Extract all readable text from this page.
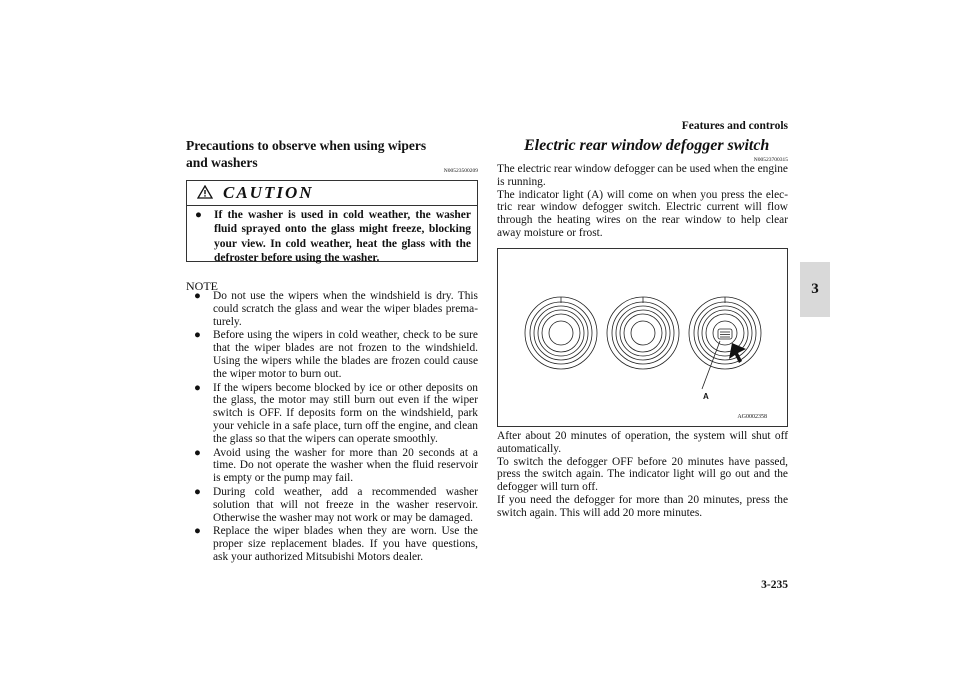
Features and controls
3
Precautions to observe when using wipers and washers
N00523500209
CAUTION
● If the washer is used in cold weather, the washer fluid sprayed onto the glass might freeze, blocking your view. In cold weather, heat the glass with the defroster before using the washer.
NOTE
● Do not use the wipers when the windshield is dry. This could scratch the glass and wear the wiper blades prema-turely.
● Before using the wipers in cold weather, check to be sure that the wiper blades are not frozen to the windshield. Using the wipers while the blades are frozen could cause the wiper motor to burn out.
● If the wipers become blocked by ice or other deposits on the glass, the motor may still burn out even if the wiper switch is OFF. If deposits form on the windshield, park your vehicle in a safe place, turn off the engine, and clean the glass so that the wipers can operate smoothly.
● Avoid using the washer for more than 20 seconds at a time. Do not operate the washer when the fluid reservoir is empty or the pump may fail.
● During cold weather, add a recommended washer solution that will not freeze in the washer reservoir. Otherwise the washer may not work or may be damaged.
● Replace the wiper blades when they are worn. Use the proper size replacement blades. If you have questions, ask your authorized Mitsubishi Motors dealer.
Electric rear window defogger switch
N00523700315

The electric rear window defogger can be used when the engine is running.

The indicator light (A) will come on when you press the elec-tric rear window defogger switch. Electric current will flow through the heating wires on the rear window to help clear away moisture or frost.

A
AG0002358

After about 20 minutes of operation, the system will shut off automatically.

To switch the defogger OFF before 20 minutes have passed, press the switch again. The indicator light will go out and the defogger will turn off.

If you need the defogger for more than 20 minutes, press the switch again. This will add 20 more minutes.

3-235
